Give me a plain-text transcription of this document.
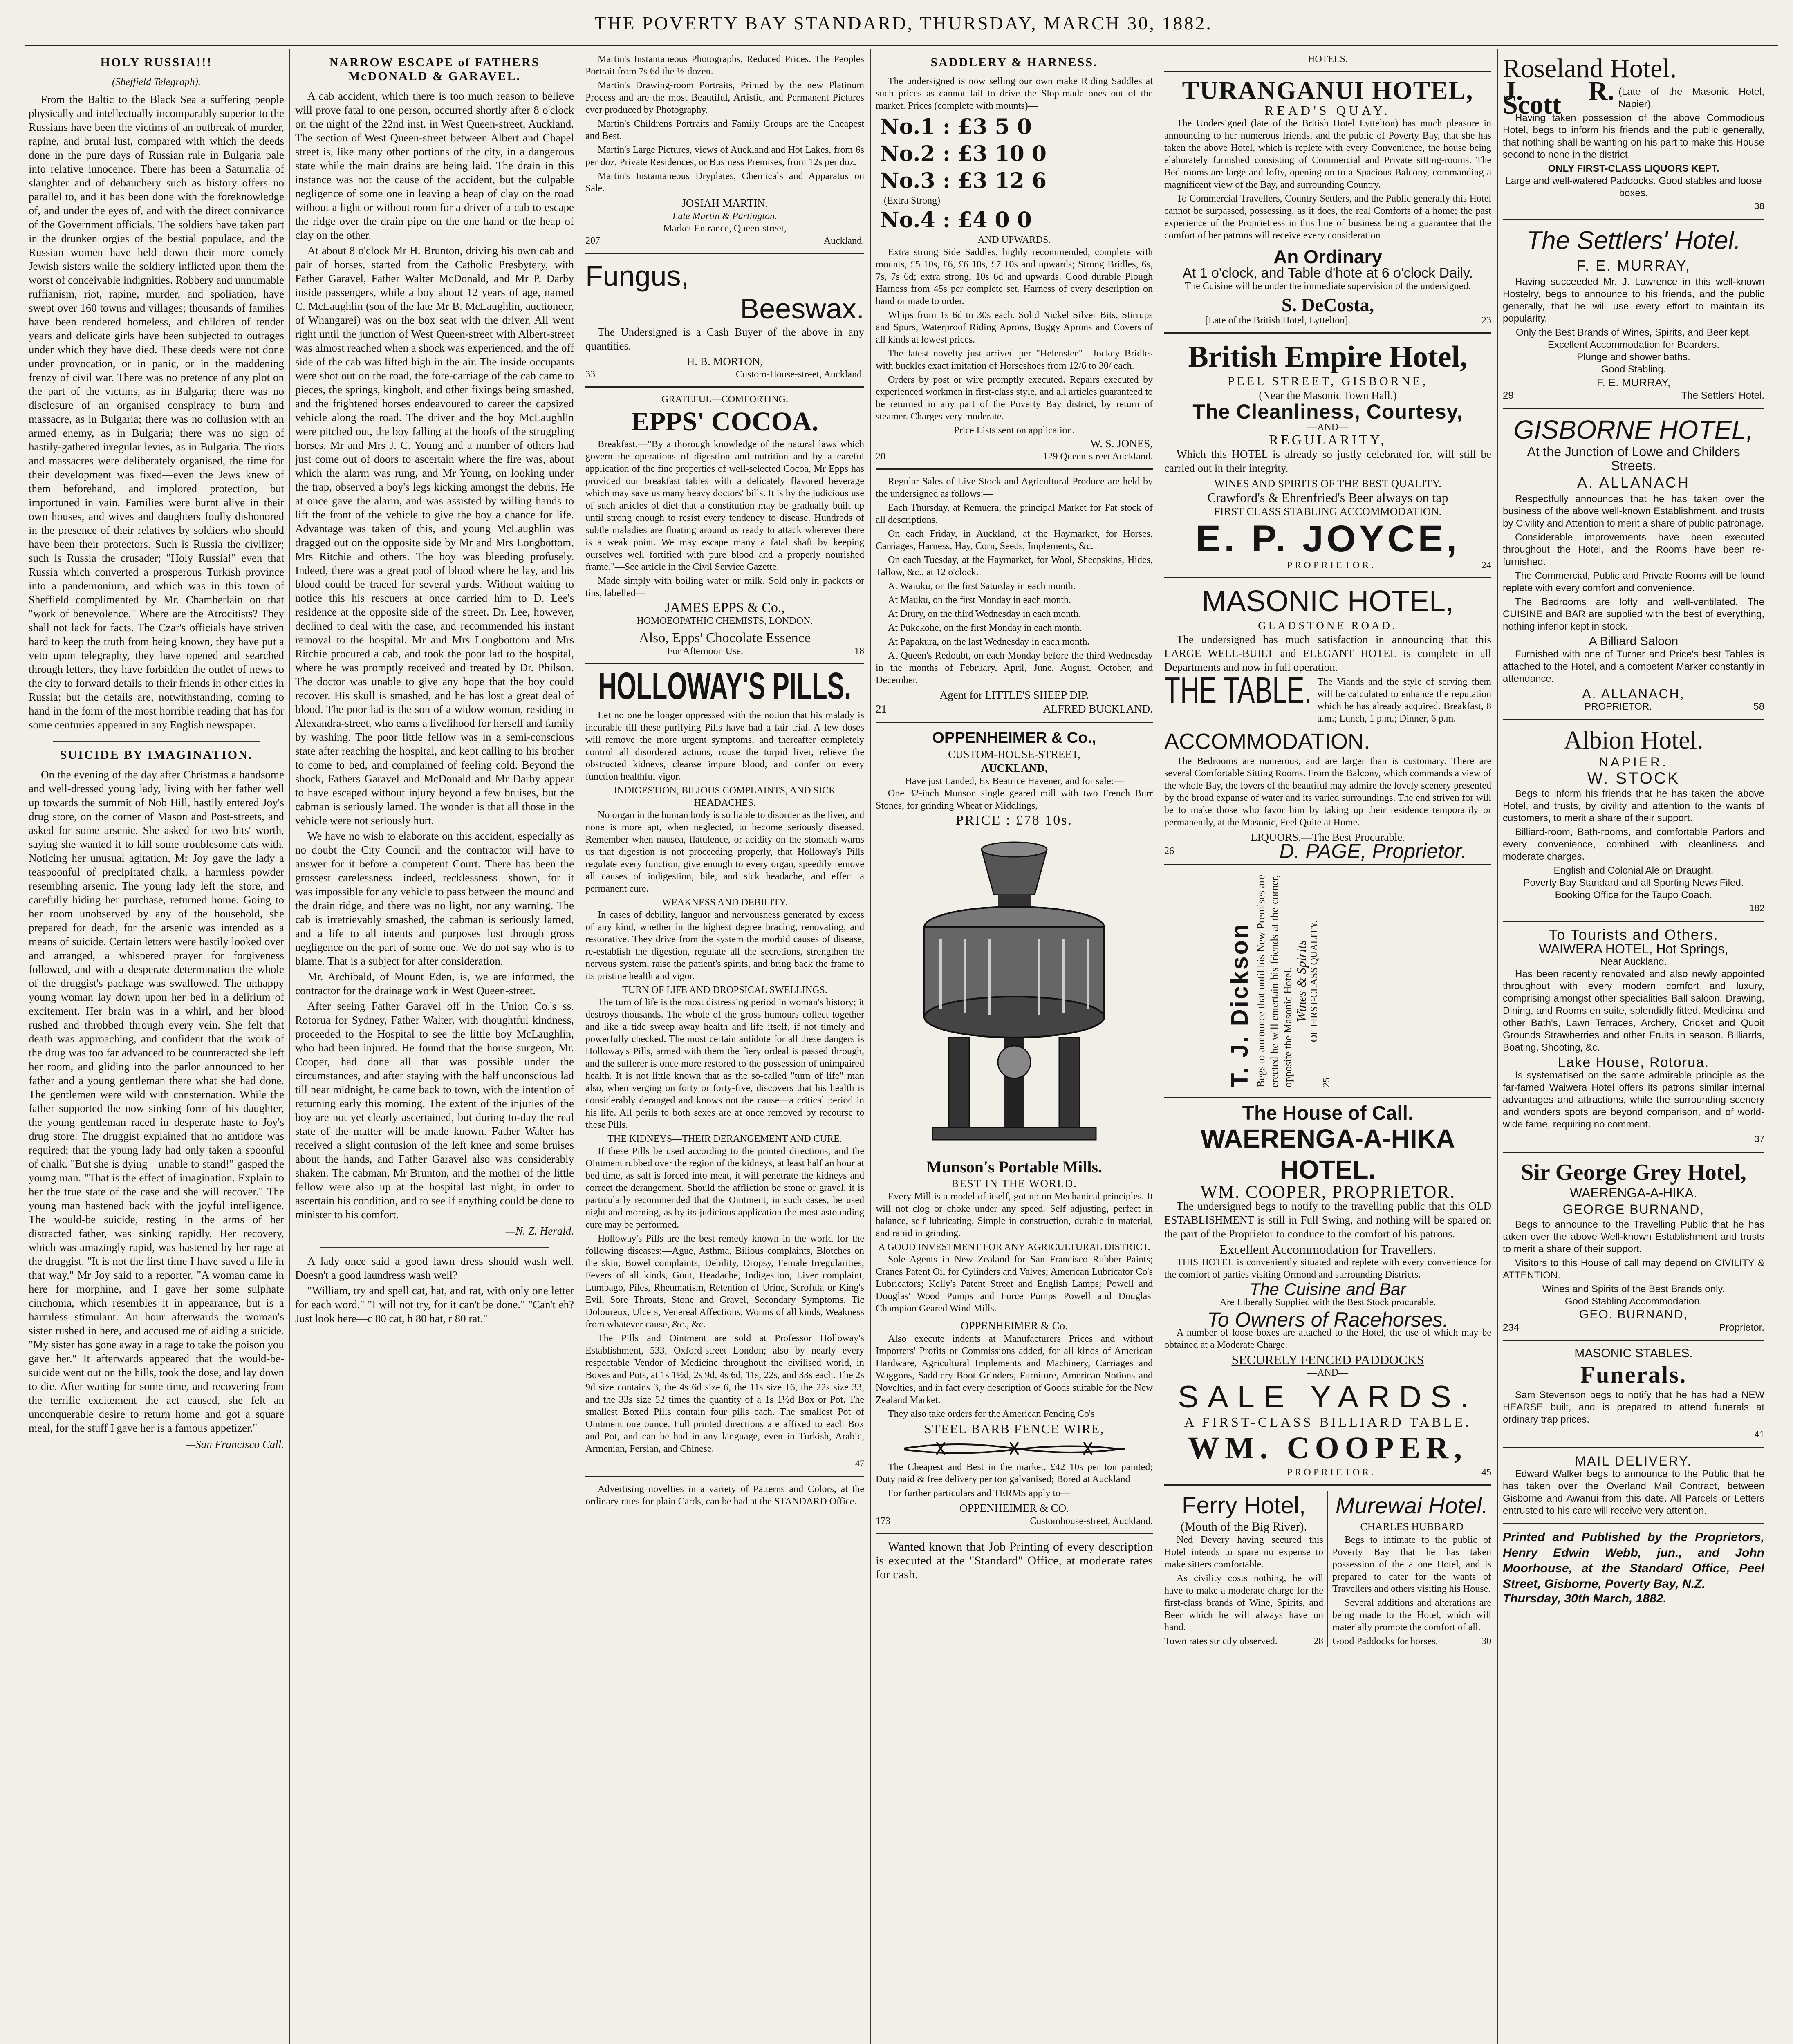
THE POVERTY BAY STANDARD, THURSDAY, MARCH 30, 1882.
HOLY RUSSIA!!!
(Sheffield Telegraph).
From the Baltic to the Black Sea a suffering people physically and intellectually incomparably superior to the Russians have been the victims of an outbreak of murder, rapine, and brutal lust, compared with which the deeds done in the pure days of Russian rule in Bulgaria pale into relative innocence. There has been a Saturnalia of slaughter and of debauchery such as history offers no parallel to, and it has been done with the foreknowledge of, and under the eyes of, and with the direct connivance of the Government officials. The soldiers have taken part in the drunken orgies of the bestial populace, and the Russian women have held down their more comely Jewish sisters while the soldiery inflicted upon them the worst of conceivable indignities. Robbery and unnumable ruffianism, riot, rapine, murder, and spoliation, have swept over 160 towns and villages; thousands of families have been rendered homeless, and children of tender years and delicate girls have been subjected to outrages under which they have died. These deeds were not done under provocation, or in panic, or in the maddening frenzy of civil war. There was no pretence of any plot on the part of the victims, as in Bulgaria; there was no disclosure of an organised conspiracy to burn and massacre, as in Bulgaria; there was no collusion with an armed enemy, as in Bulgaria; there was no sign of hastily-gathered irregular levies, as in Bulgaria. The riots and massacres were deliberately organised, the time for their development was fixed—even the Jews knew of them beforehand, and implored protection, but importuned in vain. Families were burnt alive in their own houses, and wives and daughters foully dishonored in the presence of their relatives by soldiers who should have been their protectors. Such is Russia the civilizer; such is Russia the crusader; "Holy Russia!" even that Russia which converted a prosperous Turkish province into a pandemonium, and which was in this town of Sheffield complimented by Mr. Chamberlain on that "work of benevolence." Where are the Atrocitists? They shall not lack for facts. The Czar's officials have striven hard to keep the truth from being known, they have put a veto upon telegraphy, they have opened and searched through letters, they have forbidden the outlet of news to the city to forward details to their friends in other cities in Russia; but the details are, notwithstanding, coming to hand in the form of the most horrible reading that has for some centuries appeared in any English newspaper.
SUICIDE BY IMAGINATION.
On the evening of the day after Christmas a handsome and well-dressed young lady, living with her father well up towards the summit of Nob Hill, hastily entered Joy's drug store, on the corner of Mason and Post-streets, and asked for some arsenic. She asked for two bits' worth, saying she wanted it to kill some troublesome cats with. Noticing her unusual agitation, Mr Joy gave the lady a teaspoonful of precipitated chalk, a harmless powder resembling arsenic. The young lady left the store, and carefully hiding her purchase, returned home. Going to her room unobserved by any of the household, she prepared for death, for the arsenic was intended as a means of suicide. Certain letters were hastily looked over and arranged, a whispered prayer for forgiveness followed, and with a desperate determination the whole of the druggist's package was swallowed. The unhappy young woman lay down upon her bed in a delirium of excitement. Her brain was in a whirl, and her blood rushed and throbbed through every vein. She felt that death was approaching, and confident that the work of the drug was too far advanced to be counteracted she left her room, and gliding into the parlor announced to her father and a young gentleman there what she had done. The gentlemen were wild with consternation. While the father supported the now sinking form of his daughter, the young gentleman raced in desperate haste to Joy's drug store. The druggist explained that no antidote was required; that the young lady had only taken a spoonful of chalk. "But she is dying—unable to stand!" gasped the young man. "That is the effect of imagination. Explain to her the true state of the case and she will recover." The young man hastened back with the joyful intelligence. The would-be suicide, resting in the arms of her distracted father, was sinking rapidly. Her recovery, which was amazingly rapid, was hastened by her rage at the druggist. "It is not the first time I have saved a life in that way," Mr Joy said to a reporter. "A woman came in here for morphine, and I gave her some sulphate cinchonia, which resembles it in appearance, but is a harmless stimulant. An hour afterwards the woman's sister rushed in here, and accused me of aiding a suicide. "My sister has gone away in a rage to take the poison you gave her." It afterwards appeared that the would-be-suicide went out on the hills, took the dose, and lay down to die. After waiting for some time, and recovering from the terrific excitement the act caused, she felt an unconquerable desire to return home and got a square meal, for the stuff I gave her is a famous appetizer."
—San Francisco Call.
NARROW ESCAPE of FATHERS McDONALD & GARAVEL.
A cab accident, which there is too much reason to believe will prove fatal to one person, occurred shortly after 8 o'clock on the night of the 22nd inst. in West Queen-street, Auckland. The section of West Queen-street between Albert and Chapel street is, like many other portions of the city, in a dangerous state while the main drains are being laid. The drain in this instance was not the cause of the accident, but the culpable negligence of some one in leaving a heap of clay on the road without a light or without room for a driver of a cab to escape the ridge over the drain pipe on the one hand or the heap of clay on the other.
At about 8 o'clock Mr H. Brunton, driving his own cab and pair of horses, started from the Catholic Presbytery, with Father Garavel, Father Walter McDonald, and Mr P. Darby inside passengers, while a boy about 12 years of age, named C. McLaughlin (son of the late Mr B. McLaughlin, auctioneer, of Whangarei) was on the box seat with the driver. All went right until the junction of West Queen-street with Albert-street was almost reached when a shock was experienced, and the off side of the cab was lifted high in the air. The inside occupants were shot out on the road, the fore-carriage of the cab came to pieces, the springs, kingbolt, and other fixings being smashed, and the frightened horses endeavoured to career the capsized vehicle along the road. The driver and the boy McLaughlin were pitched out, the boy falling at the hoofs of the struggling horses. Mr and Mrs J. C. Young and a number of others had just come out of doors to ascertain where the fire was, about which the alarm was rung, and Mr Young, on looking under the trap, observed a boy's legs kicking amongst the debris. He at once gave the alarm, and was assisted by willing hands to lift the front of the vehicle to give the boy a chance for life. Advantage was taken of this, and young McLaughlin was dragged out on the opposite side by Mr and Mrs Longbottom, Mrs Ritchie and others. The boy was bleeding profusely. Indeed, there was a great pool of blood where he lay, and his blood could be traced for several yards. Without waiting to notice this his rescuers at once carried him to D. Lee's residence at the opposite side of the street. Dr. Lee, however, declined to deal with the case, and recommended his instant removal to the hospital. Mr and Mrs Longbottom and Mrs Ritchie procured a cab, and took the poor lad to the hospital, where he was promptly received and treated by Dr. Philson. The doctor was unable to give any hope that the boy could recover. His skull is smashed, and he has lost a great deal of blood. The poor lad is the son of a widow woman, residing in Alexandra-street, who earns a livelihood for herself and family by washing. The poor little fellow was in a semi-conscious state after reaching the hospital, and kept calling to his brother to come to bed, and complained of feeling cold. Beyond the shock, Fathers Garavel and McDonald and Mr Darby appear to have escaped without injury beyond a few bruises, but the cabman is seriously lamed. The wonder is that all those in the vehicle were not seriously hurt.
We have no wish to elaborate on this accident, especially as no doubt the City Council and the contractor will have to answer for it before a competent Court. There has been the grossest carelessness—indeed, recklessness—shown, for it was impossible for any vehicle to pass between the mound and the drain ridge, and there was no light, nor any warning. The cab is irretrievably smashed, the cabman is seriously lamed, and a life to all intents and purposes lost through gross negligence on the part of some one. We do not say who is to blame. That is a subject for after consideration.
Mr. Archibald, of Mount Eden, is, we are informed, the contractor for the drainage work in West Queen-street.
After seeing Father Garavel off in the Union Co.'s ss. Rotorua for Sydney, Father Walter, with thoughtful kindness, proceeded to the Hospital to see the little boy McLaughlin, who had been injured. He found that the house surgeon, Mr. Cooper, had done all that was possible under the circumstances, and after staying with the half unconscious lad till near midnight, he came back to town, with the intention of returning early this morning. The extent of the injuries of the boy are not yet clearly ascertained, but during to-day the real state of the matter will be made known. Father Walter has received a slight contusion of the left knee and some bruises about the hands, and Father Garavel also was considerably shaken. The cabman, Mr Brunton, and the mother of the little fellow were also up at the hospital last night, in order to ascertain his condition, and to see if anything could be done to minister to his comfort.
—N. Z. Herald.
A lady once said a good lawn dress should wash well. Doesn't a good laundress wash well?
"William, try and spell cat, hat, and rat, with only one letter for each word." "I will not try, for it can't be done." "Can't eh? Just look here—c 80 cat, h 80 hat, r 80 rat."
Martin's Instantaneous Photographs, Reduced Prices. The Peoples Portrait from 7s 6d the ½-dozen.
Martin's Drawing-room Portraits, Printed by the new Platinum Process and are the most Beautiful, Artistic, and Permanent Pictures ever produced by Photography.
Martin's Childrens Portraits and Family Groups are the Cheapest and Best.
Martin's Large Pictures, views of Auckland and Hot Lakes, from 6s per doz, Private Residences, or Business Premises, from 12s per doz.
Martin's Instantaneous Dryplates, Chemicals and Apparatus on Sale.
JOSIAH MARTIN,
Late Martin & Partington.
Market Entrance, Queen-street,
207	Auckland.
Fungus,
Beeswax.
The Undersigned is a Cash Buyer of the above in any quantities.
H. B. MORTON,
33	Custom-House-street, Auckland.
GRATEFUL—COMFORTING.
EPPS' COCOA.
Breakfast.—"By a thorough knowledge of the natural laws which govern the operations of digestion and nutrition and by a careful application of the fine properties of well-selected Cocoa, Mr Epps has provided our breakfast tables with a delicately flavored beverage which may save us many heavy doctors' bills. It is by the judicious use of such articles of diet that a constitution may be gradually built up until strong enough to resist every tendency to disease. Hundreds of subtle maladies are floating around us ready to attack wherever there is a weak point. We may escape many a fatal shaft by keeping ourselves well fortified with pure blood and a properly nourished frame."—See article in the Civil Service Gazette.
Made simply with boiling water or milk. Sold only in packets or tins, labelled—
JAMES EPPS & Co.,
HOMOEOPATHIC CHEMISTS, LONDON.
Also, Epps' Chocolate Essence
For Afternoon Use.	18
HOLLOWAY'S PILLS.
Let no one be longer oppressed with the notion that his malady is incurable till these purifying Pills have had a fair trial. A few doses will remove the more urgent symptoms, and thereafter completely control all disordered actions, rouse the torpid liver, relieve the obstructed kidneys, cleanse impure blood, and confer on every function healthful vigor.
INDIGESTION, BILIOUS COMPLAINTS, AND SICK HEADACHES.
No organ in the human body is so liable to disorder as the liver, and none is more apt, when neglected, to become seriously diseased. Remember when nausea, flatulence, or acidity on the stomach warns us that digestion is not proceeding properly, that Holloway's Pills regulate every function, give enough to every organ, speedily remove all causes of indigestion, bile, and sick headache, and effect a permanent cure.
WEAKNESS AND DEBILITY.
In cases of debility, languor and nervousness generated by excess of any kind, whether in the highest degree bracing, renovating, and restorative. They drive from the system the morbid causes of disease, re-establish the digestion, regulate all the secretions, strengthen the nervous system, raise the patient's spirits, and bring back the frame to its pristine health and vigor.
TURN OF LIFE AND DROPSICAL SWELLINGS.
The turn of life is the most distressing period in woman's history; it destroys thousands. The whole of the gross humours collect together and like a tide sweep away health and life itself, if not timely and powerfully checked. The most certain antidote for all these dangers is Holloway's Pills, armed with them the fiery ordeal is passed through, and the sufferer is once more restored to the possession of unimpaired health. It is not little known that as the so-called "turn of life" man also, when verging on forty or forty-five, discovers that his health is considerably deranged and knows not the cause—a critical period in his life. All perils to both sexes are at once removed by recourse to these Pills.
THE KIDNEYS—THEIR DERANGEMENT AND CURE.
If these Pills be used according to the printed directions, and the Ointment rubbed over the region of the kidneys, at least half an hour at bed time, as salt is forced into meat, it will penetrate the kidneys and correct the derangement. Should the affliction be stone or gravel, it is particularly recommended that the Ointment, in such cases, be used night and morning, as by its judicious application the most astounding cure may be performed.
Holloway's Pills are the best remedy known in the world for the following diseases:—Ague, Asthma, Bilious complaints, Blotches on the skin, Bowel complaints, Debility, Dropsy, Female Irregularities, Fevers of all kinds, Gout, Headache, Indigestion, Liver complaint, Lumbago, Piles, Rheumatism, Retention of Urine, Scrofula or King's Evil, Sore Throats, Stone and Gravel, Secondary Symptoms, Tic Doloureux, Ulcers, Venereal Affections, Worms of all kinds, Weakness from whatever cause, &c., &c.
The Pills and Ointment are sold at Professor Holloway's Establishment, 533, Oxford-street London; also by nearly every respectable Vendor of Medicine throughout the civilised world, in Boxes and Pots, at 1s 1½d, 2s 9d, 4s 6d, 11s, 22s, and 33s each. The 2s 9d size contains 3, the 4s 6d size 6, the 11s size 16, the 22s size 33, and the 33s size 52 times the quantity of a 1s 1½d Box or Pot. The smallest Boxed Pills contain four pills each. The smallest Pot of Ointment one ounce. Full printed directions are affixed to each Box and Pot, and can be had in any language, even in Turkish, Arabic, Armenian, Persian, and Chinese.
47
Advertising novelties in a variety of Patterns and Colors, at the ordinary rates for plain Cards, can be had at the STANDARD Office.
SADDLERY & HARNESS.
The undersigned is now selling our own make Riding Saddles at such prices as cannot fail to drive the Slop-made ones out of the market. Prices (complete with mounts)—
No.1 : £3 5 0
No.2 : £3 10 0
No.3 : £3 12 6
(Extra Strong)
No.4 : £4 0 0
AND UPWARDS.
Extra strong Side Saddles, highly recommended, complete with mounts, £5 10s, £6, £6 10s, £7 10s and upwards; Strong Bridles, 6s, 7s, 7s 6d; extra strong, 10s 6d and upwards. Good durable Plough Harness from 45s per complete set. Harness of every description on hand or made to order.
Whips from 1s 6d to 30s each. Solid Nickel Silver Bits, Stirrups and Spurs, Waterproof Riding Aprons, Buggy Aprons and Covers of all kinds at lowest prices.
The latest novelty just arrived per "Helenslee"—Jockey Bridles with buckles exact imitation of Horseshoes from 12/6 to 30/ each.
Orders by post or wire promptly executed. Repairs executed by experienced workmen in first-class style, and all articles guaranteed to be returned in any part of the Poverty Bay district, by return of steamer. Charges very moderate.
Price Lists sent on application.
W. S. JONES,
20	129 Queen-street Auckland.
Regular Sales of Live Stock and Agricultural Produce are held by the undersigned as follows:—
Each Thursday, at Remuera, the principal Market for Fat stock of all descriptions.
On each Friday, in Auckland, at the Haymarket, for Horses, Carriages, Harness, Hay, Corn, Seeds, Implements, &c.
On each Tuesday, at the Haymarket, for Wool, Sheepskins, Hides, Tallow, &c., at 12 o'clock.
At Waiuku, on the first Saturday in each month.
At Mauku, on the first Monday in each month.
At Drury, on the third Wednesday in each month.
At Pukekohe, on the first Monday in each month.
At Papakura, on the last Wednesday in each month.
At Queen's Redoubt, on each Monday before the third Wednesday in the months of February, April, June, August, October, and December.
Agent for LITTLE'S SHEEP DIP.
21	ALFRED BUCKLAND.
OPPENHEIMER & Co.,
CUSTOM-HOUSE-STREET,
AUCKLAND,
Have just Landed, Ex Beatrice Havener, and for sale:—
One 32-inch Munson single geared mill with two French Burr Stones, for grinding Wheat or Middlings,
PRICE : £78 10s.
Munson's Portable Mills.
BEST IN THE WORLD.
Every Mill is a model of itself, got up on Mechanical principles. It will not clog or choke under any speed. Self adjusting, perfect in balance, self lubricating. Simple in construction, durable in material, and rapid in grinding.
A GOOD INVESTMENT FOR ANY AGRICULTURAL DISTRICT.
Sole Agents in New Zealand for San Francisco Rubber Paints; Cranes Patent Oil for Cylinders and Valves; American Lubricator Co's Lubricators; Kelly's Patent Street and English Lamps; Powell and Douglas' Wood Pumps and Force Pumps Powell and Douglas' Champion Geared Wind Mills.
OPPENHEIMER & Co.
Also execute indents at Manufacturers Prices and without Importers' Profits or Commissions added, for all kinds of American Hardware, Agricultural Implements and Machinery, Carriages and Waggons, Saddlery Boot Grinders, Furniture, American Notions and Novelties, and in fact every description of Goods suitable for the New Zealand Market.
They also take orders for the American Fencing Co's
STEEL BARB FENCE WIRE,
The Cheapest and Best in the market, £42 10s per ton painted; Duty paid & free delivery per ton galvanised; Bored at Auckland
For further particulars and TERMS apply to—
OPPENHEIMER & CO.
173	Customhouse-street, Auckland.
Wanted known that Job Printing of every description is executed at the "Standard" Office, at moderate rates for cash.
HOTELS.
TURANGANUI HOTEL,
READ'S QUAY.
The Undersigned (late of the British Hotel Lyttelton) has much pleasure in announcing to her numerous friends, and the public of Poverty Bay, that she has taken the above Hotel, which is replete with every Convenience, the house being elaborately furnished consisting of Commercial and Private sitting-rooms. The Bed-rooms are large and lofty, opening on to a Spacious Balcony, commanding a magnificent view of the Bay, and surrounding Country.
To Commercial Travellers, Country Settlers, and the Public generally this Hotel cannot be surpassed, possessing, as it does, the real Comforts of a home; the past experience of the Proprietress in this line of business being a guarantee that the comfort of her patrons will receive every consideration
An Ordinary
At 1 o'clock, and Table d'hote at 6 o'clock Daily.
The Cuisine will be under the immediate supervision of the undersigned.
S. DeCosta,
[Late of the British Hotel, Lyttelton].	23
British Empire Hotel,
PEEL STREET, GISBORNE,
(Near the Masonic Town Hall.)
The Cleanliness, Courtesy,
—AND—
REGULARITY,
Which this HOTEL is already so justly celebrated for, will still be carried out in their integrity.
WINES AND SPIRITS OF THE BEST QUALITY.
Crawford's & Ehrenfried's Beer always on tap
FIRST CLASS STABLING ACCOMMODATION.
E. P. JOYCE,
PROPRIETOR.	24
MASONIC HOTEL,
GLADSTONE ROAD.
The undersigned has much satisfaction in announcing that this LARGE WELL-BUILT and ELEGANT HOTEL is complete in all Departments and now in full operation.
THE TABLE. The Viands and the style of serving them will be calculated to enhance the reputation which he has already acquired. Breakfast, 8 a.m.; Lunch, 1 p.m.; Dinner, 6 p.m.
ACCOMMODATION.
The Bedrooms are numerous, and are larger than is customary. There are several Comfortable Sitting Rooms. From the Balcony, which commands a view of the whole Bay, the lovers of the beautiful may admire the lovely scenery presented by the broad expanse of water and its varied surroundings. The end striven for will be to make those who favor him by taking up their residence temporarily or permanently, at the Masonic, Feel Quite at Home.
LIQUORS.—The Best Procurable.
26	D. PAGE, Proprietor.
T. J. Dickson Begs to announce that until his New Premises are erected he will entertain his friends at the corner, opposite the Masonic Hotel. Wines & Spirits OF FIRST-CLASS QUALITY.
25
The House of Call.
WAERENGA-A-HIKA HOTEL.
WM. COOPER, PROPRIETOR.
The undersigned begs to notify to the travelling public that this OLD ESTABLISHMENT is still in Full Swing, and nothing will be spared on the part of the Proprietor to conduce to the comfort of his patrons.
Excellent Accommodation for Travellers.
THIS HOTEL is conveniently situated and replete with every convenience for the comfort of parties visiting Ormond and surrounding Districts.
The Cuisine and Bar
Are Liberally Supplied with the Best Stock procurable.
To Owners of Racehorses.
A number of loose boxes are attached to the Hotel, the use of which may be obtained at a Moderate Charge.
SECURELY FENCED PADDOCKS
—AND—
SALE YARDS.
A FIRST-CLASS BILLIARD TABLE.
WM. COOPER,
PROPRIETOR.	45
Ferry Hotel,
(Mouth of the Big River).
Ned Devery having secured this Hotel intends to spare no expense to make sitters comfortable.
As civility costs nothing, he will have to make a moderate charge for the first-class brands of Wine, Spirits, and Beer which he will always have on hand.
Town rates strictly observed.	28
Murewai Hotel.
CHARLES HUBBARD
Begs to intimate to the public of Poverty Bay that he has taken possession of the a one Hotel, and is prepared to cater for the wants of Travellers and others visiting his House.
Several additions and alterations are being made to the Hotel, which will materially promote the comfort of all.
Good Paddocks for horses.	30
Roseland Hotel.
J. R. Scott	(Late of the Masonic Hotel, Napier),
Having taken possession of the above Commodious Hotel, begs to inform his friends and the public generally, that nothing shall be wanting on his part to make this House second to none in the district.
ONLY FIRST-CLASS LIQUORS KEPT.
Large and well-watered Paddocks. Good stables and loose boxes.
38
The Settlers' Hotel.
F. E. MURRAY,
Having succeeded Mr. J. Lawrence in this well-known Hostelry, begs to announce to his friends, and the public generally, that he will use every effort to maintain its popularity.
Only the Best Brands of Wines, Spirits, and Beer kept.
Excellent Accommodation for Boarders.
Plunge and shower baths.
Good Stabling.
F. E. MURRAY,
29	The Settlers' Hotel.
GISBORNE HOTEL,
At the Junction of Lowe and Childers Streets.
A. ALLANACH
Respectfully announces that he has taken over the business of the above well-known Establishment, and trusts by Civility and Attention to merit a share of public patronage.
Considerable improvements have been executed throughout the Hotel, and the Rooms have been re-furnished.
The Commercial, Public and Private Rooms will be found replete with every comfort and convenience.
The Bedrooms are lofty and well-ventilated. The CUISINE and BAR are supplied with the best of everything, nothing inferior kept in stock.
A Billiard Saloon
Furnished with one of Turner and Price's best Tables is attached to the Hotel, and a competent Marker constantly in attendance.
A. ALLANACH,
PROPRIETOR.	58
Albion Hotel.
NAPIER.
W. STOCK
Begs to inform his friends that he has taken the above Hotel, and trusts, by civility and attention to the wants of customers, to merit a share of their support.
Billiard-room, Bath-rooms, and comfortable Parlors and every convenience, combined with cleanliness and moderate charges.
English and Colonial Ale on Draught.
Poverty Bay Standard and all Sporting News Filed.
Booking Office for the Taupo Coach.
182
To Tourists and Others.
WAIWERA HOTEL, Hot Springs,
Near Auckland.
Has been recently renovated and also newly appointed throughout with every modern comfort and luxury, comprising amongst other specialities Ball saloon, Drawing, Dining, and Rooms en suite, splendidly fitted. Medicinal and other Bath's, Lawn Terraces, Archery, Cricket and Quoit Grounds Strawberries and other Fruits in season. Billiards, Boating, Shooting, &c.
Lake House, Rotorua.
Is systematised on the same admirable principle as the far-famed Waiwera Hotel offers its patrons similar internal advantages and attractions, while the surrounding scenery and wonders spots are beyond comparison, and of world-wide fame, requiring no comment.
37
Sir George Grey Hotel,
WAERENGA-A-HIKA.
GEORGE BURNAND,
Begs to announce to the Travelling Public that he has taken over the above Well-known Establishment and trusts to merit a share of their support.
Visitors to this House of call may depend on CIVILITY & ATTENTION.
Wines and Spirits of the Best Brands only.
Good Stabling Accommodation.
GEO. BURNAND,
234	Proprietor.
MASONIC STABLES.
Funerals.
Sam Stevenson begs to notify that he has had a NEW HEARSE built, and is prepared to attend funerals at ordinary trap prices.
41
MAIL DELIVERY.
Edward Walker begs to announce to the Public that he has taken over the Overland Mail Contract, between Gisborne and Awanui from this date. All Parcels or Letters entrusted to his care will receive very attention.
Printed and Published by the Proprietors, Henry Edwin Webb, jun., and John Moorhouse, at the Standard Office, Peel Street, Gisborne, Poverty Bay, N.Z.
Thursday, 30th March, 1882.
